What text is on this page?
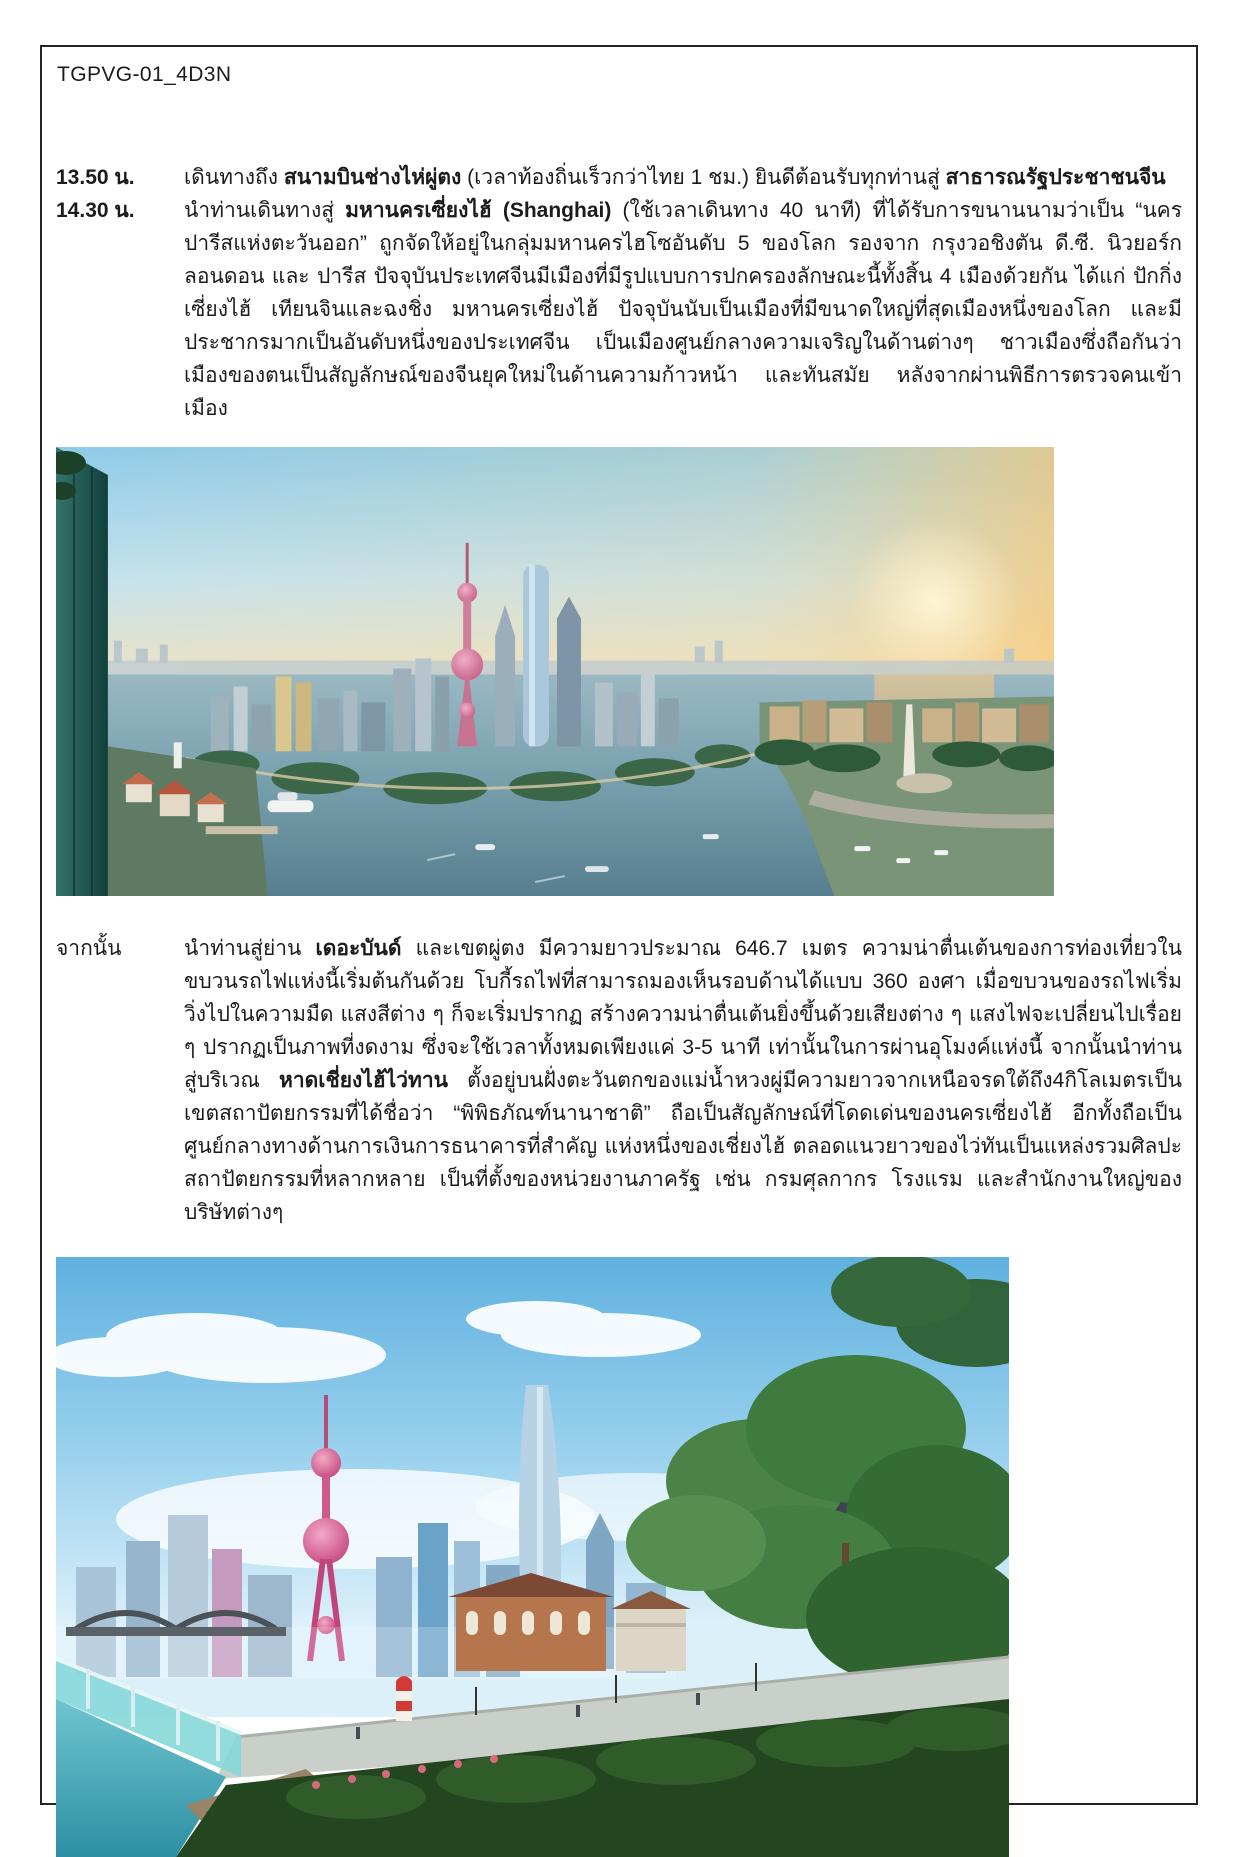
TGPVG-01_4D3N
13.50 น.	เดินทางถึง สนามบินช่างไห่ผู่ตง (เวลาท้องถิ่นเร็วกว่าไทย 1 ชม.) ยินดีต้อนรับทุกท่านสู่ สาธารณรัฐประชาชนจีน
14.30 น.	นำท่านเดินทางสู่ มหานครเซี่ยงไฮ้ (Shanghai) (ใช้เวลาเดินทาง 40 นาที) ที่ได้รับการขนานนามว่าเป็น “นครปารีสแห่งตะวันออก” ถูกจัดให้อยู่ในกลุ่มมหานครไฮโซอันดับ 5 ของโลก รองจาก กรุงวอชิงตัน ดี.ซี. นิวยอร์ก ลอนดอน และ ปารีส ปัจจุบันประเทศจีนมีเมืองที่มีรูปแบบการปกครองลักษณะนี้ทั้งสิ้น 4 เมืองด้วยกัน ได้แก่ ปักกิ่ง เซี่ยงไฮ้ เทียนจินและฉงชิ่ง มหานครเซี่ยงไฮ้ ปัจจุบันนับเป็นเมืองที่มีขนาดใหญ่ที่สุดเมืองหนึ่งของโลก และมีประชากรมากเป็นอันดับหนึ่งของประเทศจีน เป็นเมืองศูนย์กลางความเจริญในด้านต่างๆ ชาวเมืองซึ่งถือกันว่าเมืองของตนเป็นสัญลักษณ์ของจีนยุคใหม่ในด้านความก้าวหน้า และทันสมัย หลังจากผ่านพิธีการตรวจคนเข้าเมือง
จากนั้น	นำท่านสู่ย่าน เดอะบันด์ และเขตผู่ตง มีความยาวประมาณ 646.7 เมตร ความน่าตื่นเต้นของการท่องเที่ยวในขบวนรถไฟแห่งนี้เริ่มต้นกันด้วย โบกี้รถไฟที่สามารถมองเห็นรอบด้านได้แบบ 360 องศา เมื่อขบวนของรถไฟเริ่มวิ่งไปในความมืด แสงสีต่าง ๆ ก็จะเริ่มปรากฏ สร้างความน่าตื่นเต้นยิ่งขึ้นด้วยเสียงต่าง ๆ แสงไฟจะเปลี่ยนไปเรื่อย ๆ ปรากฏเป็นภาพที่งดงาม ซึ่งจะใช้เวลาทั้งหมดเพียงแค่ 3-5 นาที เท่านั้นในการผ่านอุโมงค์แห่งนี้ จากนั้นนำท่านสู่บริเวณ หาดเชี่ยงไฮ้ไว่ทาน ตั้งอยู่บนฝั่งตะวันตกของแม่น้ำหวงผู่มีความยาวจากเหนือจรดใต้ถึง4กิโลเมตรเป็นเขตสถาปัตยกรรมที่ได้ชื่อว่า “พิพิธภัณฑ์นานาชาติ” ถือเป็นสัญลักษณ์ที่โดดเด่นของนครเซี่ยงไฮ้ อีกทั้งถือเป็นศูนย์กลางทางด้านการเงินการธนาคารที่สำคัญ แห่งหนึ่งของเชี่ยงไฮ้ ตลอดแนวยาวของไว่ทันเป็นแหล่งรวมศิลปะสถาปัตยกรรมที่หลากหลาย เป็นที่ตั้งของหน่วยงานภาครัฐ เช่น กรมศุลกากร โรงแรม และสำนักงานใหญ่ของบริษัทต่างๆ
